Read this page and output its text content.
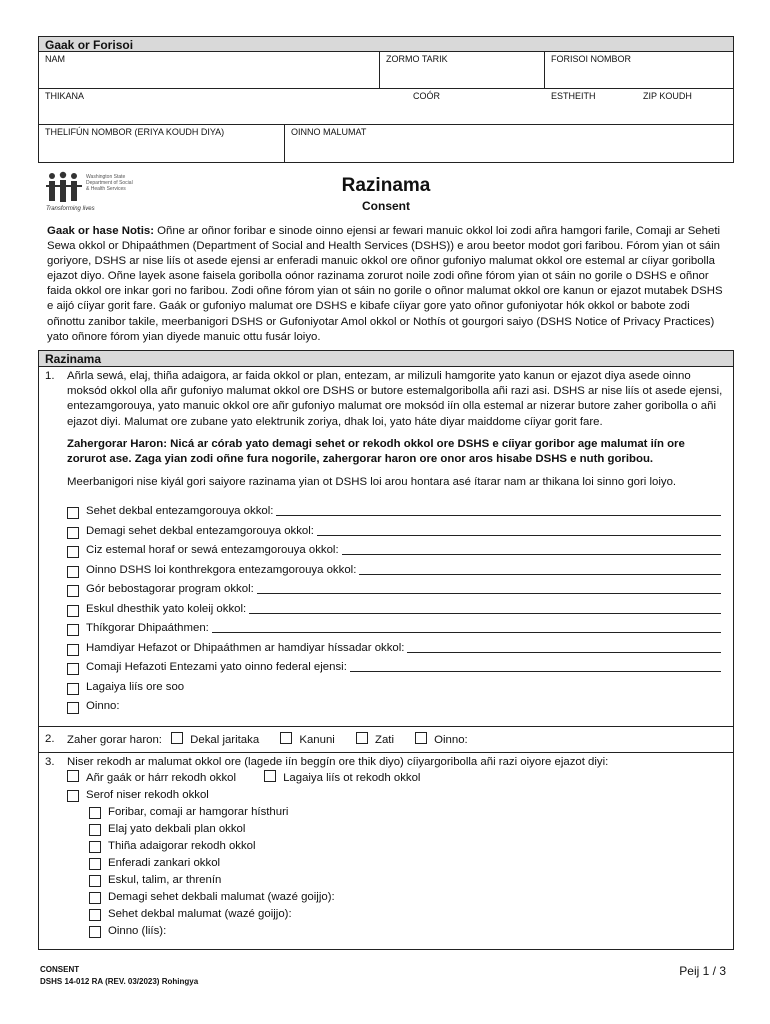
Gaak or Forisoi
NAM	ZORMO TARIK	FORISOI NOMBOR
THIKANA	COÓR	ESTHEITH	ZIP KOUDH
THELIFÚN NOMBOR (ERIYA KOUDH DIYA)	OINNO MALUMAT
Washington State
Department of Social
& Health Services
Transforming lives
Razinama
Consent
Gaak or hase Notis: Oñne ar oñnor foribar e sinode oinno ejensi ar fewari manuic okkol loi zodi añra hamgori farile, Comaji ar Seheti Sewa okkol or Dhipaáthmen (Department of Social and Health Services (DSHS)) e arou beetor modot gori faribou. Fórom yian ot sáin goriyore, DSHS ar nise liís ot asede ejensi ar enferadi manuic okkol ore oñnor gufoniyo malumat okkol ore estemal ar cíiyar goribolla ejazot diyo. Oñne layek asone faisela goribolla oónor razinama zorurot noile zodi oñne fórom yian ot sáin no gorile o DSHS e oñnor faida okkol ore inkar gori no faribou. Zodi oñne fórom yian ot sáin no gorile o oñnor malumat okkol ore kanun or ejazot mutabek DSHS e aijó cíiyar gorit fare. Gaák or gufoniyo malumat ore DSHS e kibafe cíiyar gore yato oñnor gufoniyotar hók okkol or babote zodi oñnottu zanibor takile, meerbanigori DSHS or Gufoniyotar Amol okkol or Nothís ot gourgori saiyo (DSHS Notice of Privacy Practices) yato oñnore fórom yian diyede manuic ottu fusár loiyo.
Razinama
1.	Añrla sewá, elaj, thiña adaigora, ar faida okkol or plan, entezam, ar milizuli hamgorite yato kanun or ejazot diya asede oinno moksód okkol olla añr gufoniyo malumat okkol ore DSHS or butore estemalgoribolla añi razi asi. DSHS ar nise liís ot asede ejensi, entezamgorouya, yato manuic okkol ore añr gufoniyo malumat ore moksód iín olla estemal ar nizerar butore zaher goribolla o añi ejazot diyi. Malumat ore zubane yato elektrunik zoriya, dhak loi, yato háte diyar maiddome cíiyar gorit fare.
Zahergorar Haron: Nicá ar córab yato demagi sehet or rekodh okkol ore DSHS e cíiyar goribor age malumat iín ore zorurot ase. Zaga yian zodi oñne fura nogorile, zahergorar haron ore onor aros hisabe DSHS e nuth goribou.
Meerbanigori nise kiyál gori saiyore razinama yian ot DSHS loi arou hontara asé ítarar nam ar thikana loi sinno gori loiyo.
Sehet dekbal entezamgorouya okkol:
Demagi sehet dekbal entezamgorouya okkol:
Ciz estemal horaf or sewá entezamgorouya okkol:
Oinno DSHS loi konthrekgora entezamgorouya okkol:
Gór bebostagorar program okkol:
Eskul dhesthik yato koleij okkol:
Thíkgorar Dhipaáthmen:
Hamdiyar Hefazot or Dhipaáthmen ar hamdiyar híssadar okkol:
Comaji Hefazoti Entezami yato oinno federal ejensi:
Lagaiya liís ore soo
Oinno:
2.	Zaher gorar haron: Dekal jaritaka	Kanuni	Zati	Oinno:
3.	Niser rekodh ar malumat okkol ore (lagede iín beggín ore thik diyo) cíiyargoribolla añi razi oiyore ejazot diyi:
Añr gaák or hárr rekodh okkol	Lagaiya liís ot rekodh okkol
Serof niser rekodh okkol
Foribar, comaji ar hamgorar hísthuri
Elaj yato dekbali plan okkol
Thiña adaigorar rekodh okkol
Enferadi zankari okkol
Eskul, talim, ar threnín
Demagi sehet dekbali malumat (wazé goijjo):
Sehet dekbal malumat (wazé goijjo):
Oinno (liís):
CONSENT
DSHS 14-012 RA (REV. 03/2023) Rohingya
Peij 1 / 3
